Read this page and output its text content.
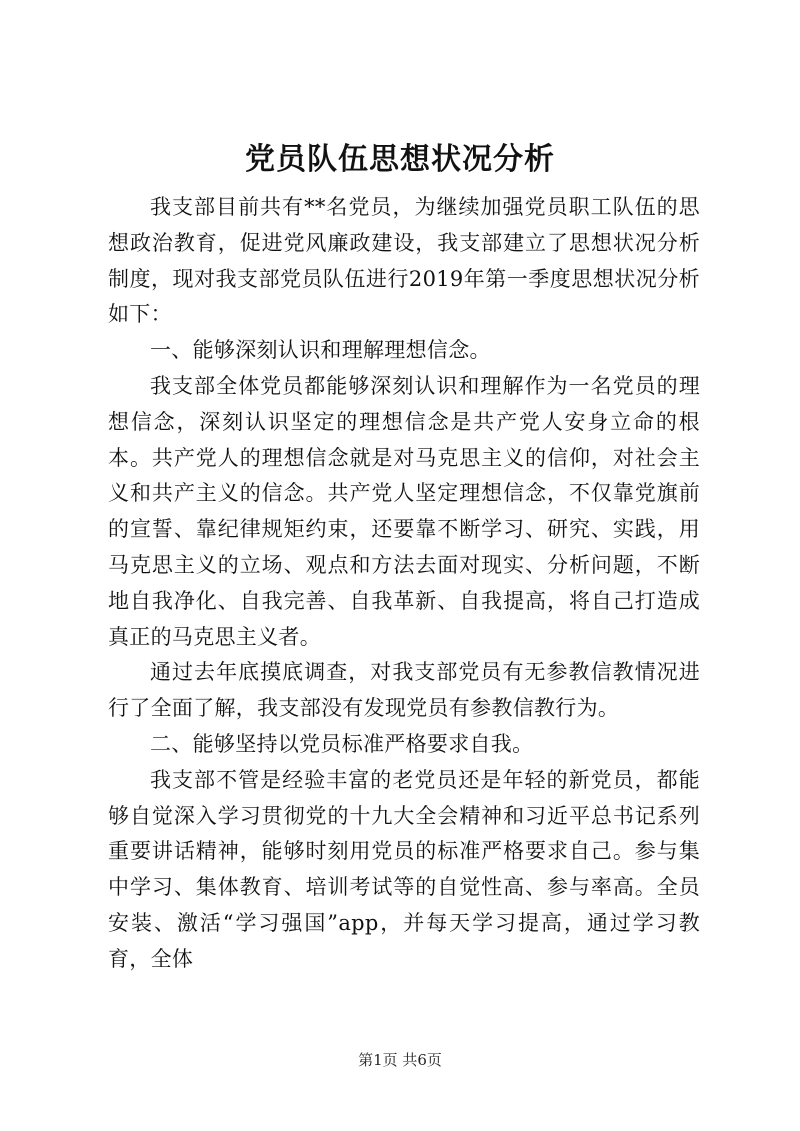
党员队伍思想状况分析

我支部目前共有**名党员，为继续加强党员职工队伍的思想政治教育，促进党风廉政建设，我支部建立了思想状况分析制度，现对我支部党员队伍进行2019年第一季度思想状况分析如下：

一、能够深刻认识和理解理想信念。

我支部全体党员都能够深刻认识和理解作为一名党员的理想信念，深刻认识坚定的理想信念是共产党人安身立命的根本。共产党人的理想信念就是对马克思主义的信仰，对社会主义和共产主义的信念。共产党人坚定理想信念，不仅靠党旗前的宣誓、靠纪律规矩约束，还要靠不断学习、研究、实践，用马克思主义的立场、观点和方法去面对现实、分析问题，不断地自我净化、自我完善、自我革新、自我提高，将自己打造成真正的马克思主义者。

通过去年底摸底调查，对我支部党员有无参教信教情况进行了全面了解，我支部没有发现党员有参教信教行为。

二、能够坚持以党员标准严格要求自我。

我支部不管是经验丰富的老党员还是年轻的新党员，都能够自觉深入学习贯彻党的十九大全会精神和习近平总书记系列重要讲话精神，能够时刻用党员的标准严格要求自己。参与集中学习、集体教育、培训考试等的自觉性高、参与率高。全员安装、激活“学习强国”app，并每天学习提高，通过学习教育，全体

第1页 共6页
